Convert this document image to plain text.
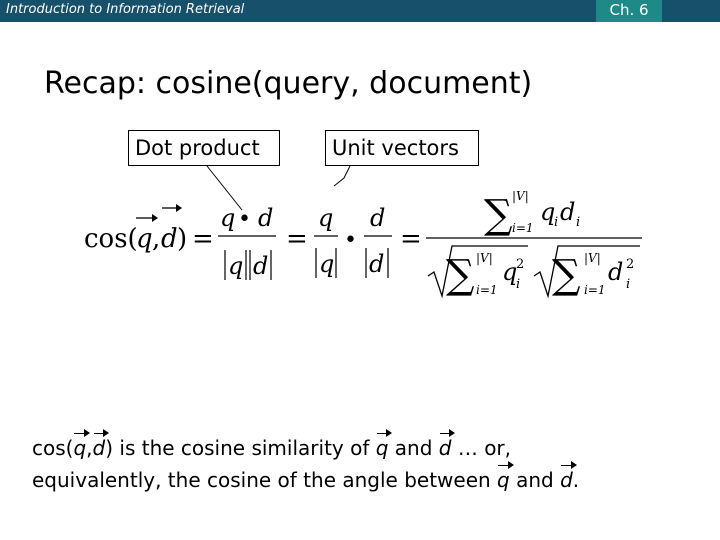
Introduction to Information Retrieval	Ch. 6
Recap: cosine(query, document)
Dot product	Unit vectors
cos(
q , d ) =
q • d
q d
=
q
q
•
d
d
=
∑ |V|
i=1
q
i d i
∑ |V|
i=1
q
2
i ∑ |V|
i=1
d 2
i
cos(q,d) is the cosine similarity of q and d … or,
equivalently, the cosine of the angle between q and d.
